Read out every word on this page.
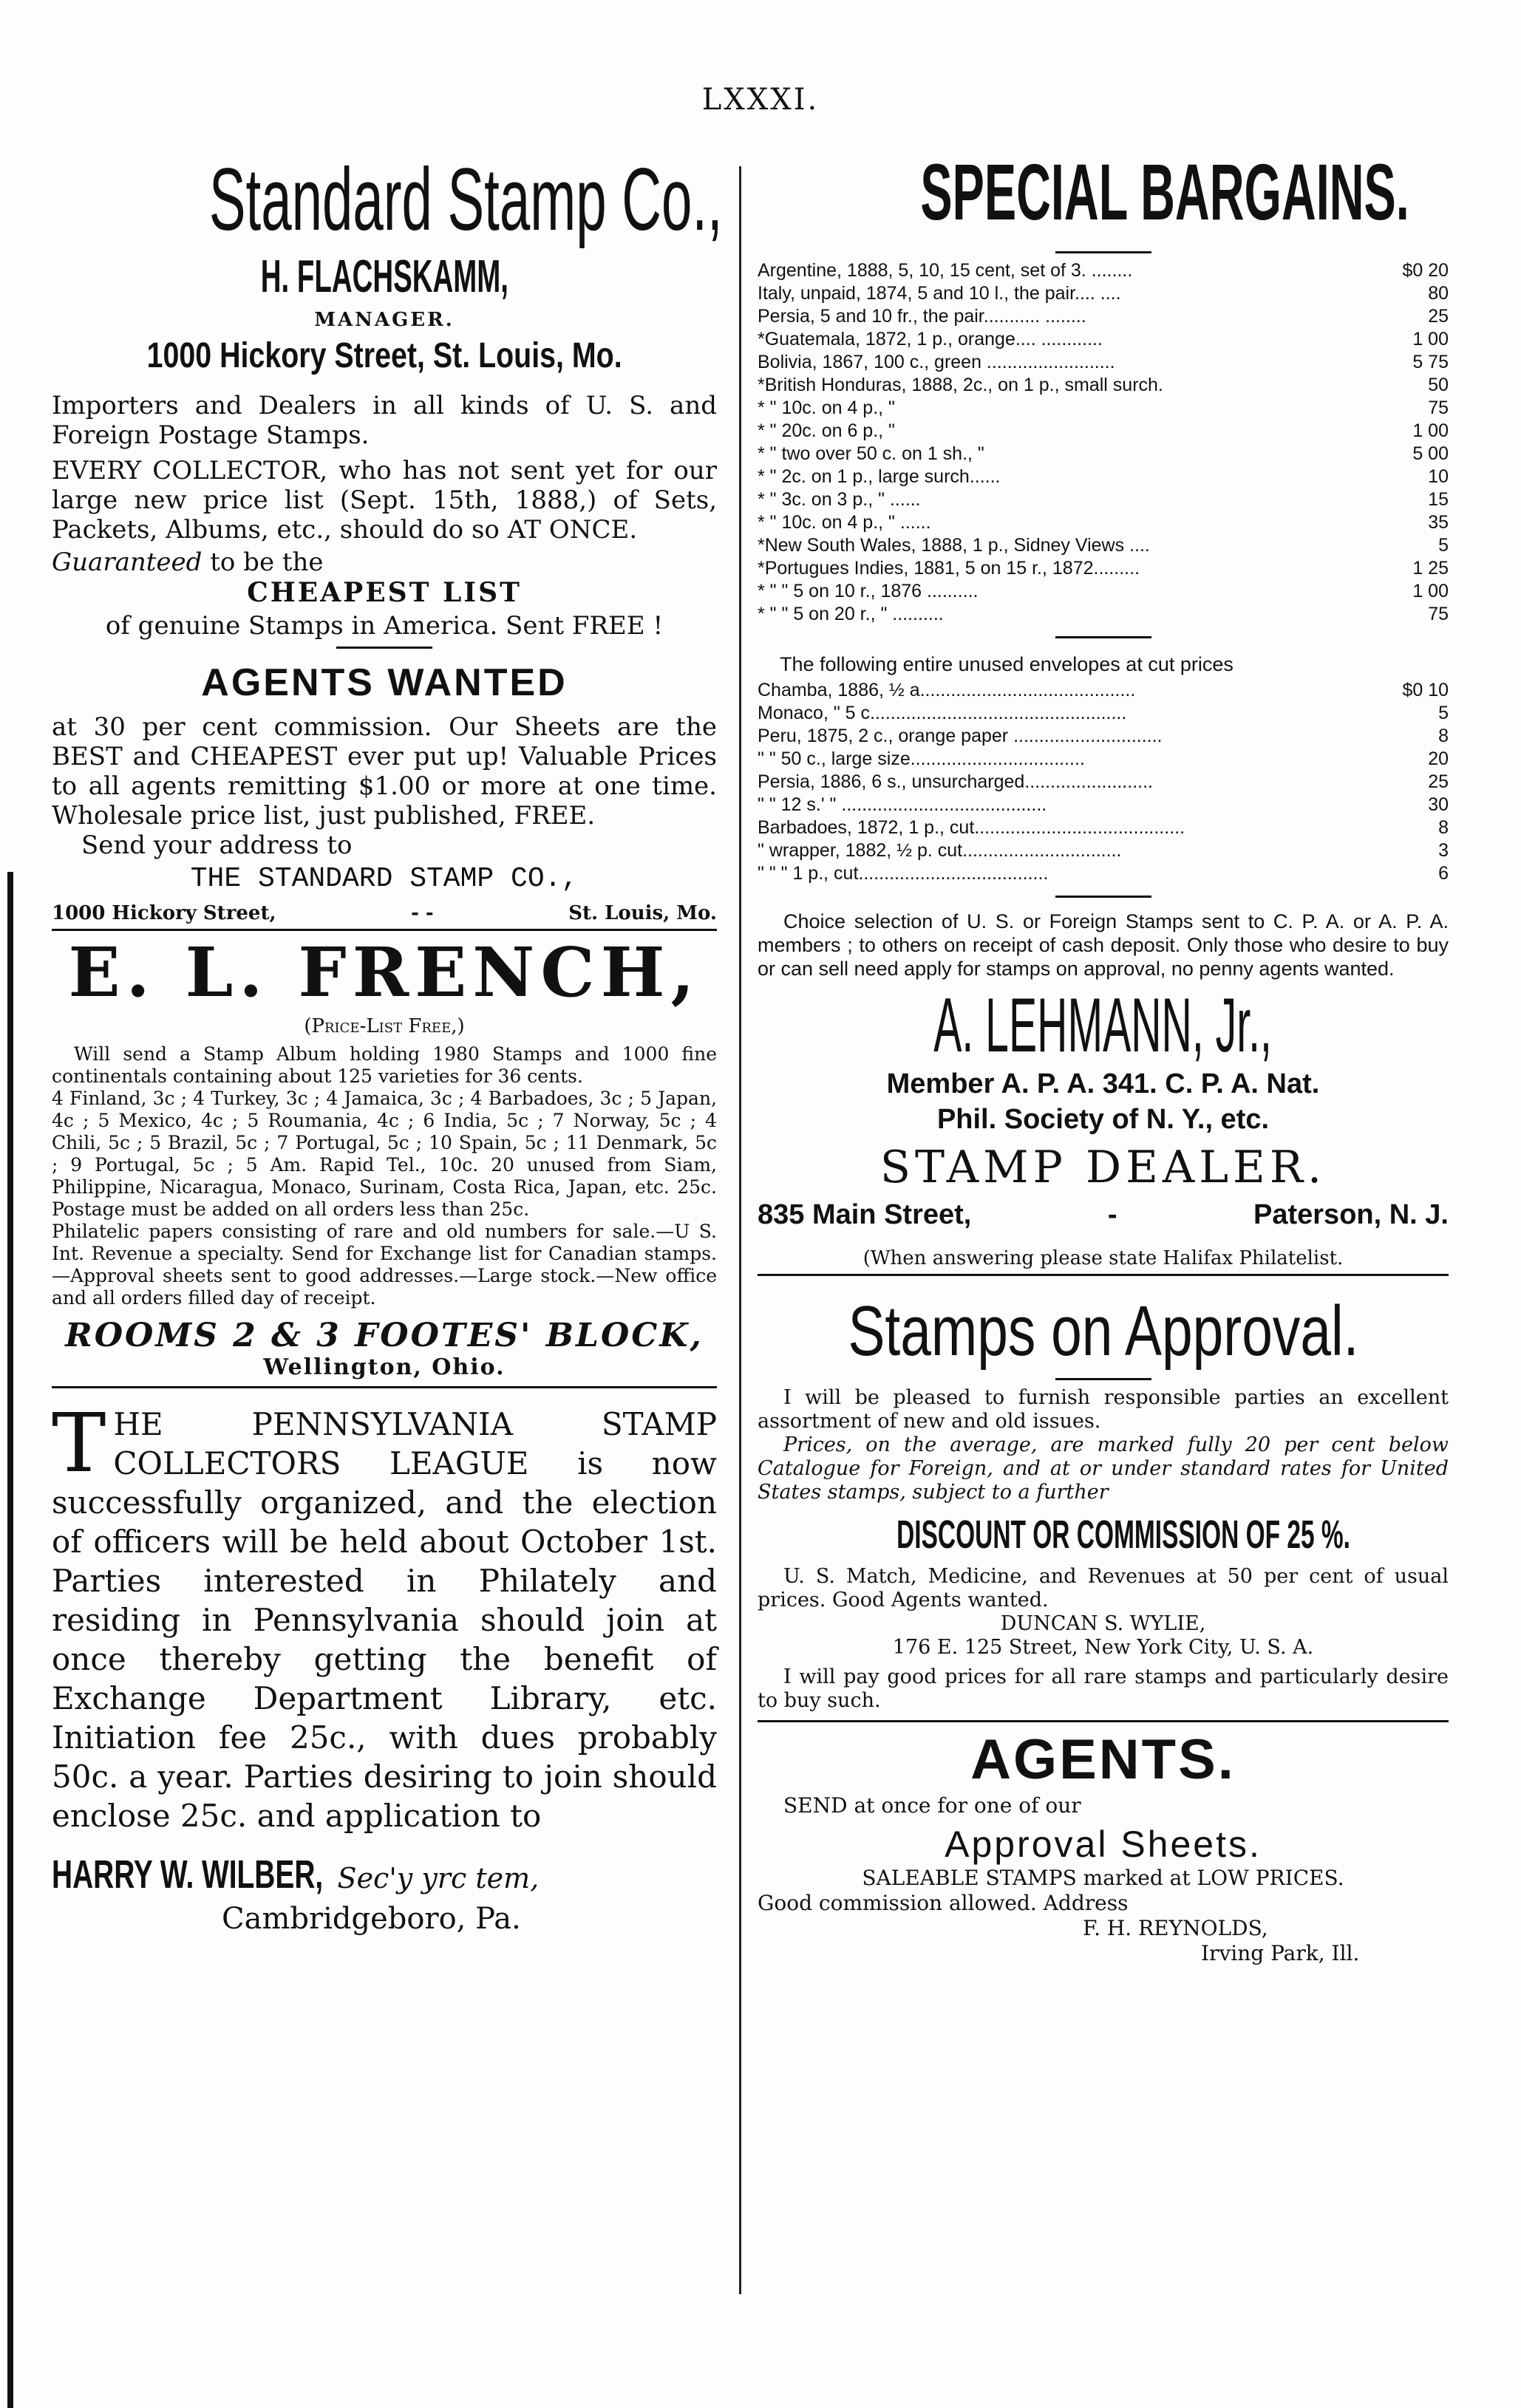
LXXXI.
Standard Stamp Co.,
H. FLACHSKAMM,
MANAGER.
1000 Hickory Street, St. Louis, Mo.

Importers and Dealers in all kinds of U. S. and Foreign Postage Stamps.

EVERY COLLECTOR, who has not sent yet for our large new price list (Sept. 15th, 1888,) of Sets, Packets, Albums, etc., should do so AT ONCE.

Guaranteed to be the

CHEAPEST LIST

of genuine Stamps in America. Sent FREE !

AGENTS WANTED

at 30 per cent commission. Our Sheets are the BEST and CHEAPEST ever put up! Valuable Prices to all agents remitting $1.00 or more at one time. Wholesale price list, just published, FREE.

Send your address to

THE STANDARD STAMP CO.,
1000 Hickory Street,	- -	St. Louis, Mo.
E. L. FRENCH,
(Price-List Free,)

Will send a Stamp Album holding 1980 Stamps and 1000 fine continentals containing about 125 varieties for 36 cents.

4 Finland, 3c ; 4 Turkey, 3c ; 4 Jamaica, 3c ; 4 Barbadoes, 3c ; 5 Japan, 4c ; 5 Mexico, 4c ; 5 Roumania, 4c ; 6 India, 5c ; 7 Norway, 5c ; 4 Chili, 5c ; 5 Brazil, 5c ; 7 Portugal, 5c ; 10 Spain, 5c ; 11 Denmark, 5c ; 9 Portugal, 5c ; 5 Am. Rapid Tel., 10c. 20 unused from Siam, Philippine, Nicaragua, Monaco, Surinam, Costa Rica, Japan, etc. 25c. Postage must be added on all orders less than 25c.

Philatelic papers consisting of rare and old numbers for sale.—U S. Int. Revenue a specialty. Send for Exchange list for Canadian stamps.—Approval sheets sent to good addresses.—Large stock.—New office and all orders filled day of receipt.

ROOMS 2 & 3 FOOTES' BLOCK,
Wellington, Ohio.
THE PENNSYLVANIA STAMP COLLECTORS LEAGUE is now successfully organized, and the election of officers will be held about October 1st. Parties interested in Philately and residing in Pennsylvania should join at once thereby getting the benefit of Exchange Department Library, etc. Initiation fee 25c., with dues probably 50c. a year. Parties desiring to join should enclose 25c. and application to
HARRY W. WILBER, Sec'y yrc tem,
Cambridgeboro, Pa.
SPECIAL BARGAINS.
Argentine, 1888, 5, 10, 15 cent, set of 3. ........	$0 20
Italy, unpaid, 1874, 5 and 10 l., the pair.... ....	80
Persia, 5 and 10 fr., the pair........... ........	25
*Guatemala, 1872, 1 p., orange.... ............	1 00
Bolivia, 1867, 100 c., green .........................	5 75
*British Honduras, 1888, 2c., on 1 p., small surch.	50
* " 10c. on 4 p., "	75
* " 20c. on 6 p., "	1 00
* " two over 50 c. on 1 sh., "	5 00
* " 2c. on 1 p., large surch......	10
* " 3c. on 3 p., " ......	15
* " 10c. on 4 p., " ......	35
*New South Wales, 1888, 1 p., Sidney Views ....	5
*Portugues Indies, 1881, 5 on 15 r., 1872.........	1 25
* " " 5 on 10 r., 1876 ..........	1 00
* " " 5 on 20 r., " ..........	75
The following entire unused envelopes at cut prices
Chamba, 1886, ½ a..........................................	$0 10
Monaco, " 5 c..................................................	5
Peru, 1875, 2 c., orange paper .............................	8
" " 50 c., large size..................................	20
Persia, 1886, 6 s., unsurcharged.........................	25
" " 12 s.' " ........................................	30
Barbadoes, 1872, 1 p., cut.........................................	8
" wrapper, 1882, ½ p. cut...............................	3
" " " 1 p., cut.....................................	6

Choice selection of U. S. or Foreign Stamps sent to C. P. A. or A. P. A. members ; to others on receipt of cash deposit. Only those who desire to buy or can sell need apply for stamps on approval, no penny agents wanted.

A. LEHMANN, Jr.,
Member A. P. A. 341. C. P. A. Nat.
Phil. Society of N. Y., etc.
STAMP DEALER.
835 Main Street,	-	Paterson, N. J.
(When answering please state Halifax Philatelist.
Stamps on Approval.

I will be pleased to furnish responsible parties an excellent assortment of new and old issues.

Prices, on the average, are marked fully 20 per cent below Catalogue for Foreign, and at or under standard rates for United States stamps, subject to a further

DISCOUNT OR COMMISSION OF 25 %.

U. S. Match, Medicine, and Revenues at 50 per cent of usual prices. Good Agents wanted.

DUNCAN S. WYLIE,
176 E. 125 Street, New York City, U. S. A.

I will pay good prices for all rare stamps and particularly desire to buy such.

AGENTS.
SEND at once for one of our
Approval Sheets.
SALEABLE STAMPS marked at LOW PRICES.
Good commission allowed. Address
F. H. REYNOLDS,
Irving Park, Ill.
